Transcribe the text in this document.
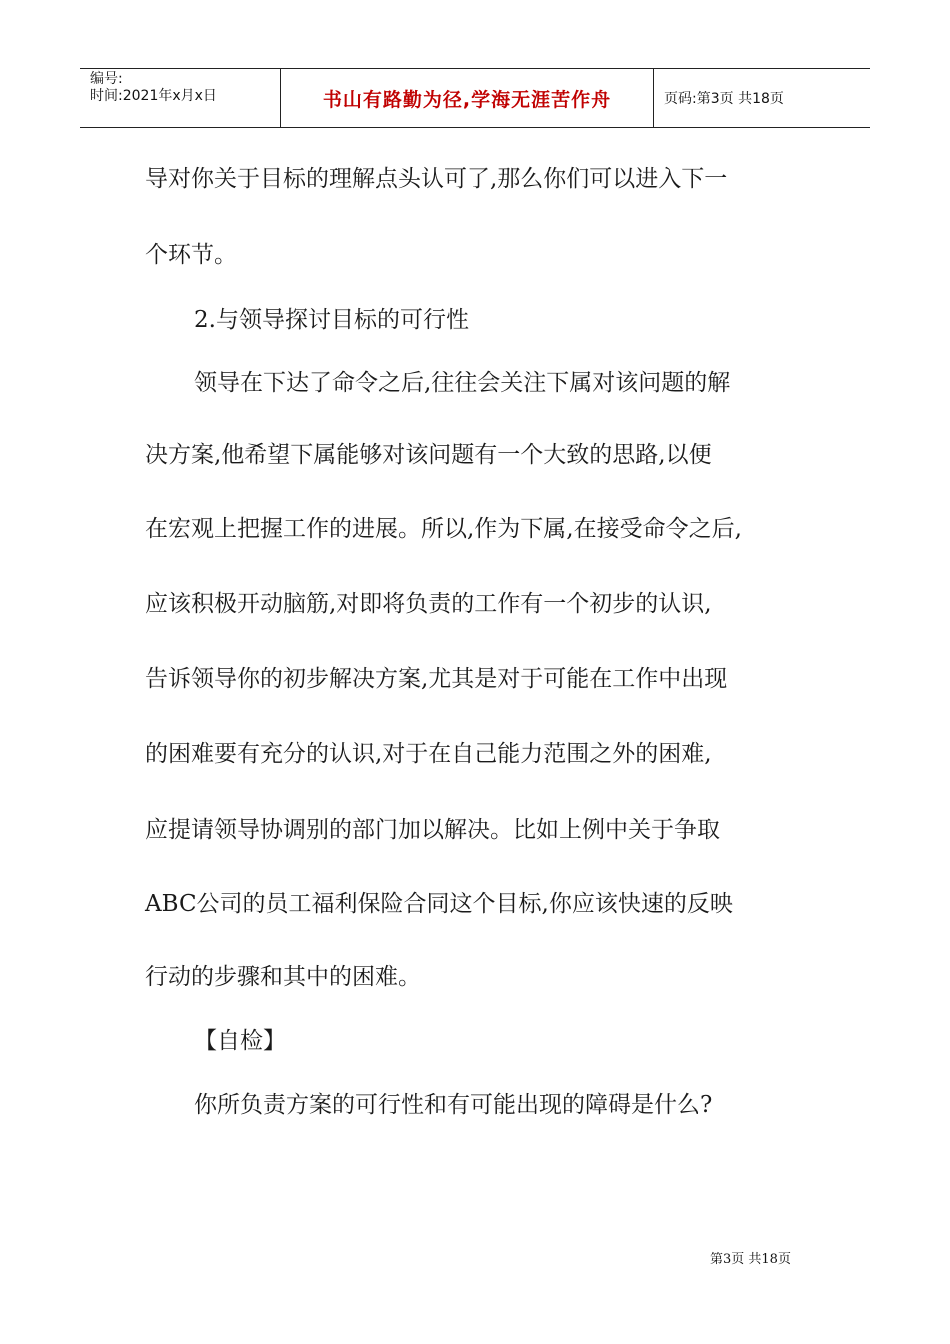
编号:
时间:2021年x月x日	书山有路勤为径,学海无涯苦作舟	页码:第3页 共18页
导对你关于目标的理解点头认可了,那么你们可以进入下一
个环节。
2.与领导探讨目标的可行性
领导在下达了命令之后,往往会关注下属对该问题的解
决方案,他希望下属能够对该问题有一个大致的思路,以便
在宏观上把握工作的进展。所以,作为下属,在接受命令之后,
应该积极开动脑筋,对即将负责的工作有一个初步的认识,
告诉领导你的初步解决方案,尤其是对于可能在工作中出现
的困难要有充分的认识,对于在自己能力范围之外的困难,
应提请领导协调别的部门加以解决。比如上例中关于争取
ABC公司的员工福利保险合同这个目标,你应该快速的反映
行动的步骤和其中的困难。
【自检】
你所负责方案的可行性和有可能出现的障碍是什么?
第3页 共18页
